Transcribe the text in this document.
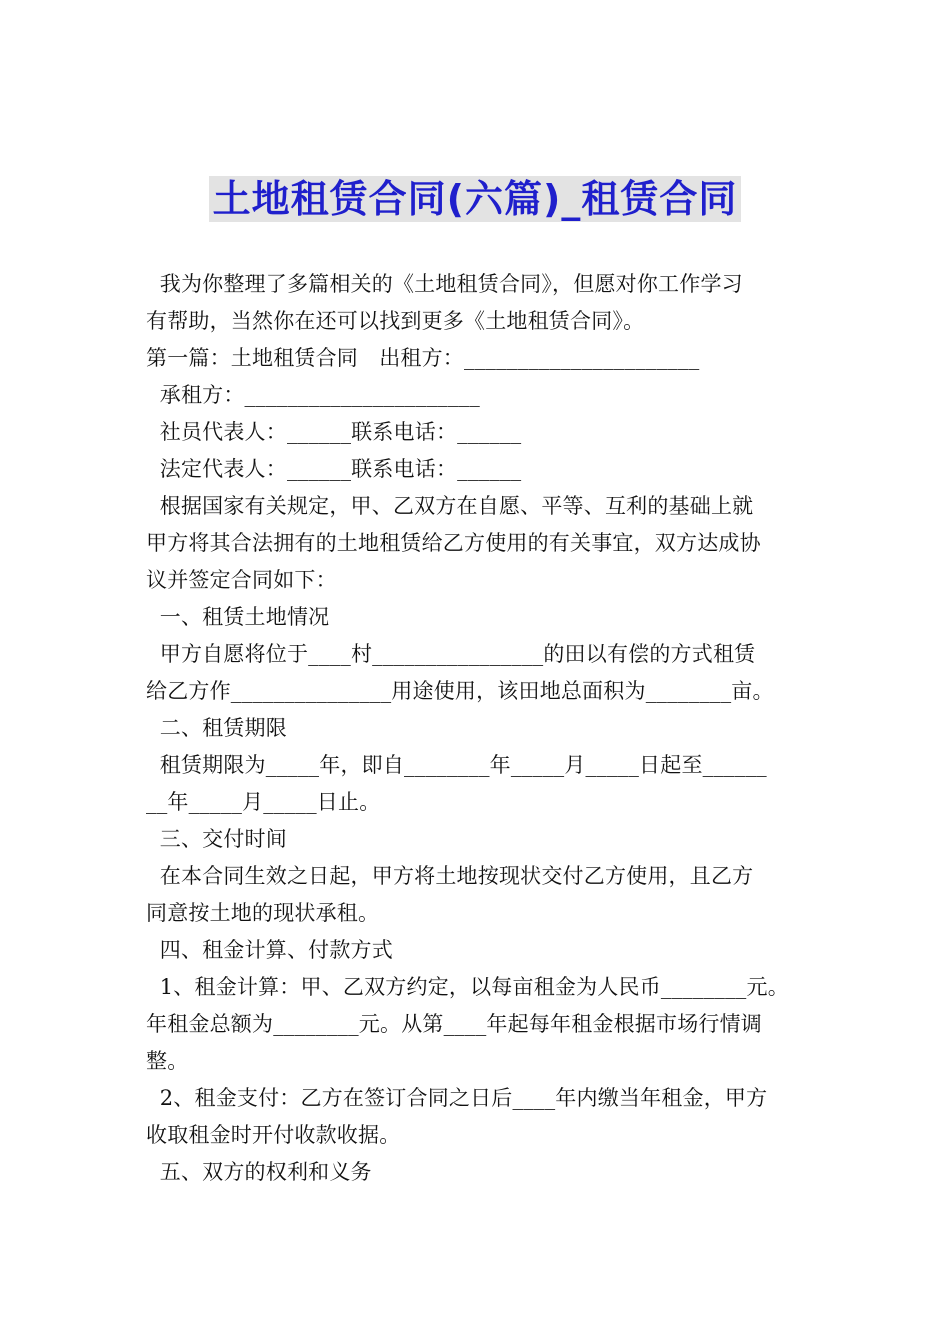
土地租赁合同(六篇)_租赁合同
我为你整理了多篇相关的《土地租赁合同》，但愿对你工作学习
有帮助，当然你在还可以找到更多《土地租赁合同》。
第一篇：土地租赁合同　出租方：______________________
承租方：______________________
社员代表人：______联系电话：______
法定代表人：______联系电话：______
根据国家有关规定，甲、乙双方在自愿、平等、互利的基础上就
甲方将其合法拥有的土地租赁给乙方使用的有关事宜，双方达成协
议并签定合同如下：
一、租赁土地情况
甲方自愿将位于____村________________的田以有偿的方式租赁
给乙方作_______________用途使用，该田地总面积为________亩。
二、租赁期限
租赁期限为_____年，即自________年_____月_____日起至______
__年_____月_____日止。
三、交付时间
在本合同生效之日起，甲方将土地按现状交付乙方使用，且乙方
同意按土地的现状承租。
四、租金计算、付款方式
1、租金计算：甲、乙双方约定，以每亩租金为人民币________元。
年租金总额为________元。从第____年起每年租金根据市场行情调
整。
2、租金支付：乙方在签订合同之日后____年内缴当年租金，甲方
收取租金时开付收款收据。
五、双方的权利和义务
